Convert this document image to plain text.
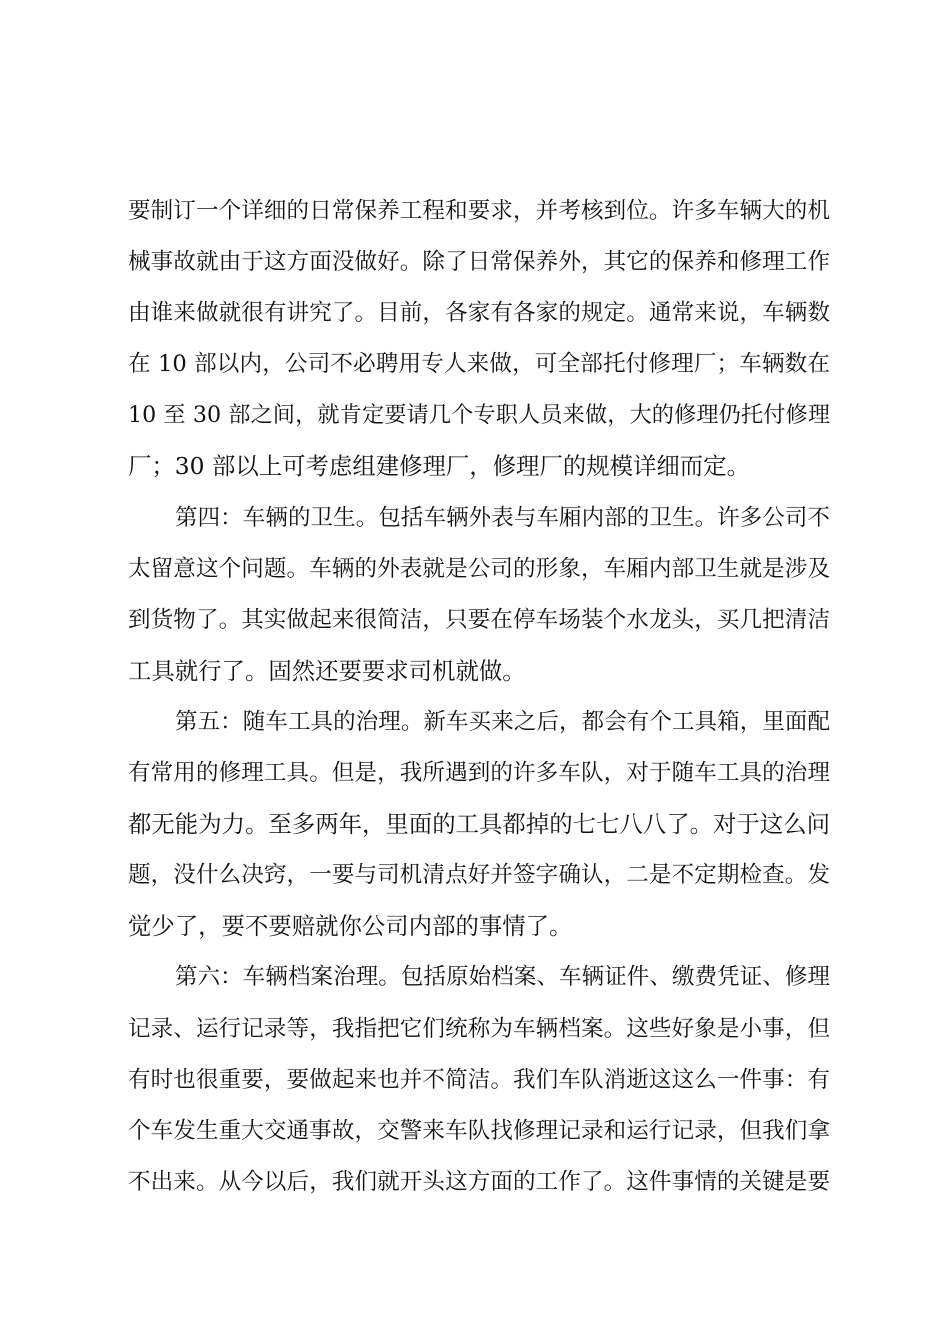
要制订一个详细的日常保养工程和要求，并考核到位。许多车辆大的机
械事故就由于这方面没做好。除了日常保养外，其它的保养和修理工作
由谁来做就很有讲究了。目前，各家有各家的规定。通常来说，车辆数
在 10 部以内，公司不必聘用专人来做，可全部托付修理厂；车辆数在
10 至 30 部之间，就肯定要请几个专职人员来做，大的修理仍托付修理
厂；30 部以上可考虑组建修理厂，修理厂的规模详细而定。
第四：车辆的卫生。包括车辆外表与车厢内部的卫生。许多公司不
太留意这个问题。车辆的外表就是公司的形象，车厢内部卫生就是涉及
到货物了。其实做起来很简洁，只要在停车场装个水龙头，买几把清洁
工具就行了。固然还要要求司机就做。
第五：随车工具的治理。新车买来之后，都会有个工具箱，里面配
有常用的修理工具。但是，我所遇到的许多车队，对于随车工具的治理
都无能为力。至多两年，里面的工具都掉的七七八八了。对于这么问
题，没什么决窍，一要与司机清点好并签字确认，二是不定期检查。发
觉少了，要不要赔就你公司内部的事情了。
第六：车辆档案治理。包括原始档案、车辆证件、缴费凭证、修理
记录、运行记录等，我指把它们统称为车辆档案。这些好象是小事，但
有时也很重要，要做起来也并不简洁。我们车队消逝这这么一件事：有
个车发生重大交通事故，交警来车队找修理记录和运行记录，但我们拿
不出来。从今以后，我们就开头这方面的工作了。这件事情的关键是要
